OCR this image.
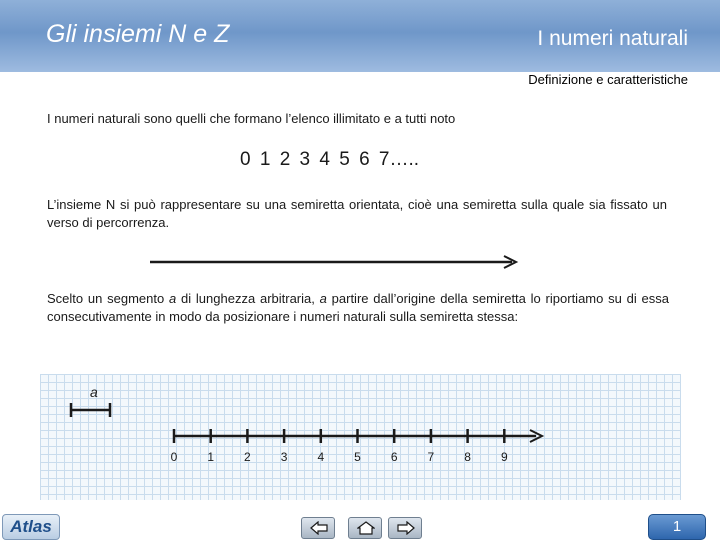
Gli insiemi N e Z	I numeri naturali
Definizione e caratteristiche
I numeri naturali sono quelli che formano l’elenco illimitato e a tutti noto
0 1 2 3 4 5 6 7…..
L’insieme N si può rappresentare su una semiretta orientata, cioè una semiretta sulla quale sia fissato un verso di percorrenza.
Scelto un segmento a di lunghezza arbitraria, a partire dall’origine della semiretta lo riportiamo su di essa consecutivamente in modo da posizionare i numeri naturali sulla semiretta stessa:
a
0	1	2	3	4	5	6	7	8	9
Atlas	1
